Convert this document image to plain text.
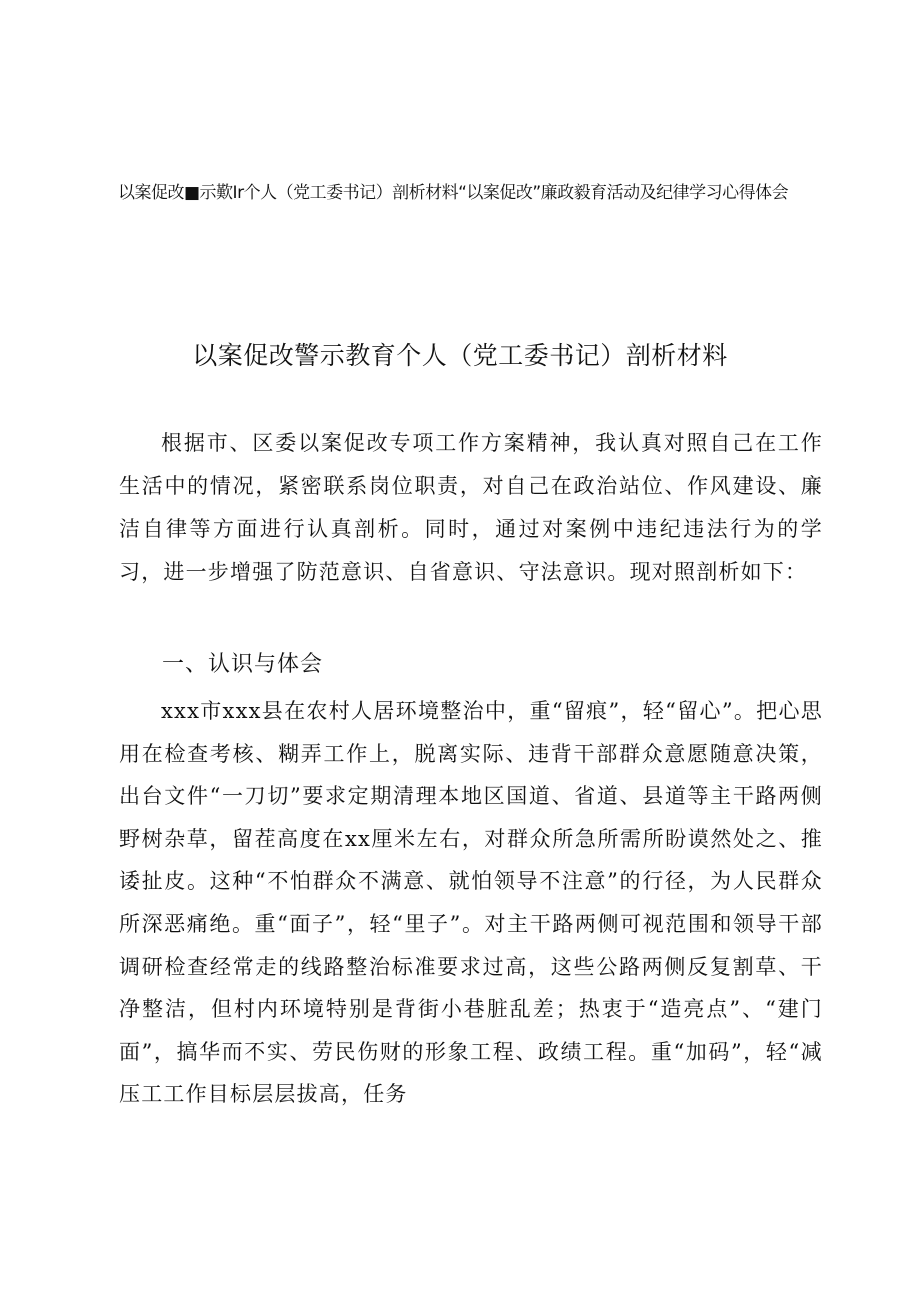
以案促改■示歎Ir个人（党工委书记）剖析材料“以案促改”廉政毅育活动及纪律学习心得体会
以案促改警示教育个人（党工委书记）剖析材料

根据市、区委以案促改专项工作方案精神，我认真对照自己在工作生活中的情况，紧密联系岗位职责，对自己在政治站位、作风建设、廉洁自律等方面进行认真剖析。同时，通过对案例中违纪违法行为的学习，进一步增强了防范意识、自省意识、守法意识。现对照剖析如下：

一、认识与体会

xxx市xxx县在农村人居环境整治中，重“留痕”，轻“留心”。把心思用在检查考核、糊弄工作上，脱离实际、违背干部群众意愿随意决策，出台文件“一刀切”要求定期清理本地区国道、省道、县道等主干路两侧野树杂草，留茬高度在xx厘米左右，对群众所急所需所盼谟然处之、推诿扯皮。这种“不怕群众不满意、就怕领导不注意”的行径，为人民群众所深恶痛绝。重“面子”，轻“里子”。对主干路两侧可视范围和领导干部调研检查经常走的线路整治标准要求过高，这些公路两侧反复割草、干净整洁，但村内环境特别是背街小巷脏乱差；热衷于“造亮点”、“建门面”，搞华而不实、劳民伤财的形象工程、政绩工程。重“加码”，轻“减压工工作目标层层拔高，任务
